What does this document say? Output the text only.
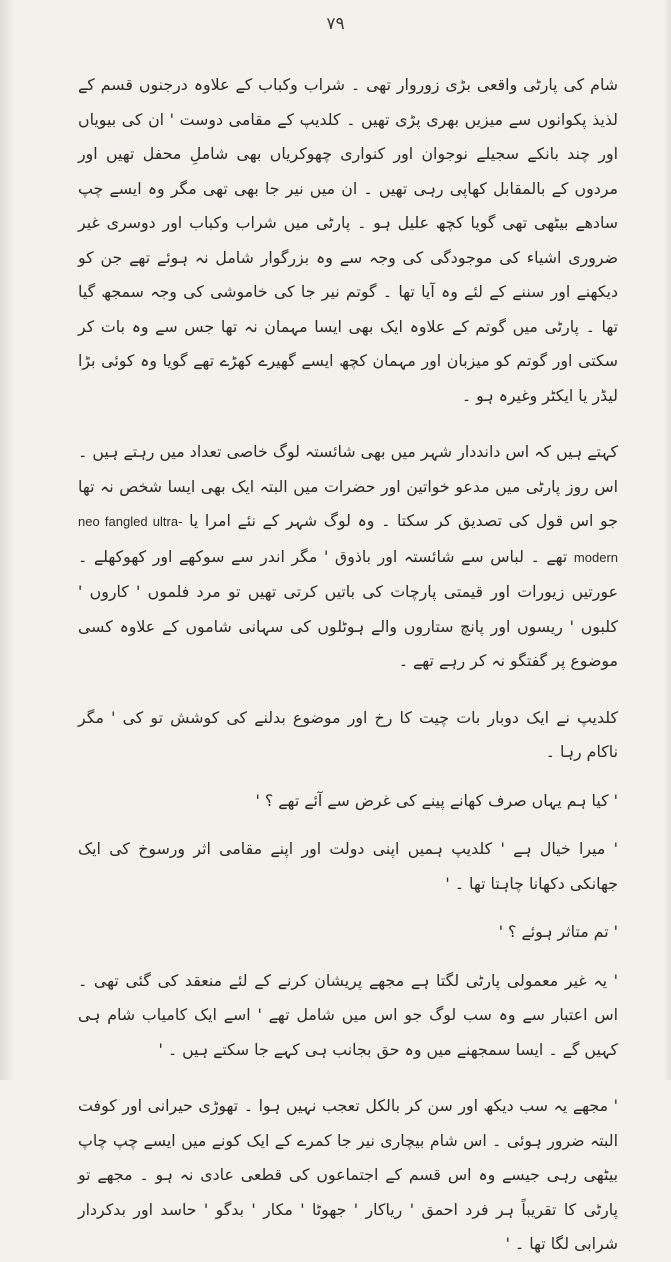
۷۹

شام کی پارٹی واقعی بڑی زوروار تھی ۔ شراب وکباب کے علاوہ درجنوں قسم کے لذیذ پکوانوں سے میزیں بھری پڑی تھیں ۔ کلدیپ کے مقامی دوست ' ان کی بیویاں اور چند بانکے سجیلے نوجوان اور کنواری چھوکریاں بھی شاملِ محفل تھیں اور مردوں کے بالمقابل کھاپی رہی تھیں ۔ ان میں نیر جا بھی تھی مگر وہ ایسے چپ سادھے بیٹھی تھی گویا کچھ علیل ہو ۔ پارٹی میں شراب وکباب اور دوسری غیر ضروری اشیاء کی موجودگی کی وجہ سے وہ بزرگوار شامل نہ ہوئے تھے جن کو دیکھنے اور سننے کے لئے وہ آیا تھا ۔ گوتم نیر جا کی خاموشی کی وجہ سمجھ گیا تھا ۔ پارٹی میں گوتم کے علاوہ ایک بھی ایسا مہمان نہ تھا جس سے وہ بات کر سکتی اور گوتم کو میزبان اور مہمان کچھ ایسے گھیرے کھڑے تھے گویا وہ کوئی بڑا لیڈر یا ایکٹر وغیرہ ہو ۔

کہتے ہیں کہ اس دانددار شہر میں بھی شائستہ لوگ خاصی تعداد میں رہتے ہیں ۔ اس روز پارٹی میں مدعو خواتین اور حضرات میں البتہ ایک بھی ایسا شخص نہ تھا جو اس قول کی تصدیق کر سکتا ۔ وہ لوگ شہر کے نئے امرا یا neo fangled ultra-modern تھے ۔ لباس سے شائستہ اور باذوق ' مگر اندر سے سوکھے اور کھوکھلے ۔ عورتیں زیورات اور قیمتی پارچات کی باتیں کرتی تھیں تو مرد فلموں ' کاروں ' کلبوں ' ریسوں اور پانچ ستاروں والے ہوٹلوں کی سہانی شاموں کے علاوہ کسی موضوع پر گفتگو نہ کر رہے تھے ۔

کلدیپ نے ایک دوبار بات چیت کا رخ اور موضوع بدلنے کی کوشش تو کی ' مگر ناکام رہا ۔

' کیا ہم یہاں صرف کھانے پینے کی غرض سے آئے تھے ؟ '

' میرا خیال ہے ' کلدیپ ہمیں اپنی دولت اور اپنے مقامی اثر ورسوخ کی ایک جھانکی دکھانا چاہتا تھا ۔ '

' تم متاثر ہوئے ؟ '

' یہ غیر معمولی پارٹی لگتا ہے مجھے پریشان کرنے کے لئے منعقد کی گئی تھی ۔ اس اعتبار سے وہ سب لوگ جو اس میں شامل تھے ' اسے ایک کامیاب شام ہی کہیں گے ۔ ایسا سمجھنے میں وہ حق بجانب ہی کہے جا سکتے ہیں ۔ '

' مجھے یہ سب دیکھ اور سن کر بالکل تعجب نہیں ہوا ۔ تھوڑی حیرانی اور کوفت البتہ ضرور ہوئی ۔ اس شام بیچاری نیر جا کمرے کے ایک کونے میں ایسے چپ چاپ بیٹھی رہی جیسے وہ اس قسم کے اجتماعوں کی قطعی عادی نہ ہو ۔ مجھے تو پارٹی کا تقریباً ہر فرد احمق ' ریاکار ' جھوٹا ' مکار ' بدگو ' حاسد اور بدکردار شرابی لگا تھا ۔ '
